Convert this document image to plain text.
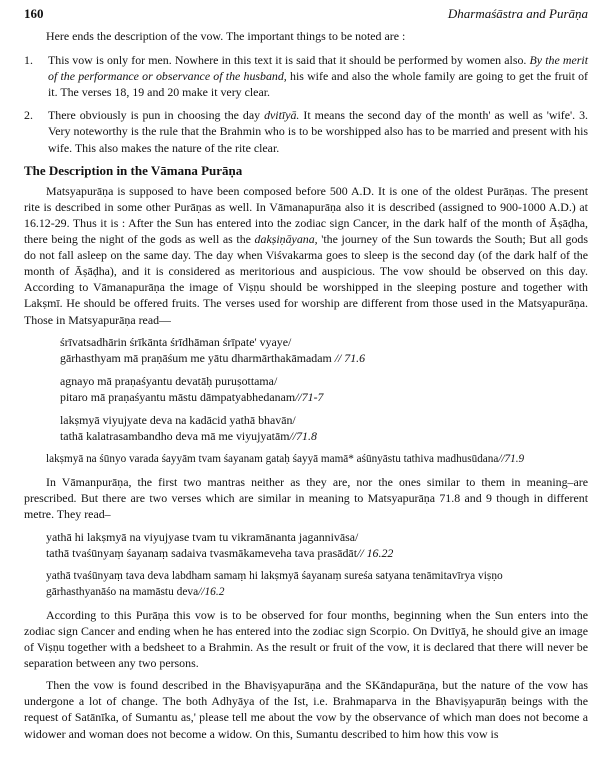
160	Dharmaśāstra and Purāṇa

Here ends the description of the vow. The important things to be noted are :

1.	This vow is only for men. Nowhere in this text it is said that it should be performed by women also. By the merit of the performance or observance of the husband, his wife and also the whole family are going to get the fruit of it. The verses 18, 19 and 20 make it very clear.
2.	There obviously is pun in choosing the day dvitīyā. It means the second day of the month' as well as 'wife'. 3. Very noteworthy is the rule that the Brahmin who is to be worshipped also has to be married and present with his wife. This also makes the nature of the rite clear.
The Description in the Vāmana Purāṇa

Matsyapurāṇa is supposed to have been composed before 500 A.D. It is one of the oldest Purāṇas. The present rite is described in some other Purāṇas as well. In Vāmanapurāṇa also it is described (assigned to 900-1000 A.D.) at 16.12-29. Thus it is : After the Sun has entered into the zodiac sign Cancer, in the dark half of the month of Āṣāḍha, there being the night of the gods as well as the dakṣiṇāyana, 'the journey of the Sun towards the South; But all gods do not fall asleep on the same day. The day when Viśvakarma goes to sleep is the second day (of the dark half of the month of Āṣāḍha), and it is considered as meritorious and auspicious. The vow should be observed on this day. According to Vāmanapurāṇa the image of Viṣṇu should be worshipped in the sleeping posture and together with Lakṣmī. He should be offered fruits. The verses used for worship are different from those used in the Matsyapurāṇa. Those in Matsyapurāṇa read—

śrīvatsadhārin śrīkānta śrīdhāman śrīpate' vyaye/
gārhasthyam mā praṇāśum me yātu dharmārthakāmadam // 71.6
agnayo mā praṇaśyantu devatāḥ puruṣottama/
pitaro mā praṇaśyantu māstu dāmpatyabhedanam//71-7
lakṣmyā viyujyate deva na kadācid yathā bhavān/
tathā kalatrasambandho deva mā me viyujyatām//71.8
lakṣmyā na śūnyo varada śayyām tvam śayanam gataḥ śayyā mamā* aśūnyāstu tathiva madhusūdana//71.9

In Vāmanpurāṇa, the first two mantras neither as they are, nor the ones similar to them in meaning–are prescribed. But there are two verses which are similar in meaning to Matsyapurāṇa 71.8 and 9 though in different metre. They read–

yathā hi lakṣmyā na viyujyase tvam tu vikramānanta jagannivāsa/
tathā tvaśūnyaṃ śayanaṃ sadaiva tvasmākameveha tava prasādāt// 16.22
yathā tvaśūnyaṃ tava deva labdham samaṃ hi lakṣmyā śayanaṃ sureśa satyana tenāmitavīrya viṣṇo
gārhasthyanāśo na mamāstu deva//16.2

According to this Purāṇa this vow is to be observed for four months, beginning when the Sun enters into the zodiac sign Cancer and ending when he has entered into the zodiac sign Scorpio. On Dvitīyā, he should give an image of Viṣṇu together with a bedsheet to a Brahmin. As the result or fruit of the vow, it is declared that there will never be separation between any two persons.

Then the vow is found described in the Bhaviṣyapurāṇa and the SKāndapurāṇa, but the nature of the vow has undergone a lot of change. The both Adhyāya of the Ist, i.e. Brahmaparva in the Bhaviṣyapurāṇ beings with the request of Satānīka, of Sumantu as,' please tell me about the vow by the observance of which man does not become a widower and woman does not become a widow. On this, Sumantu described to him how this vow is
